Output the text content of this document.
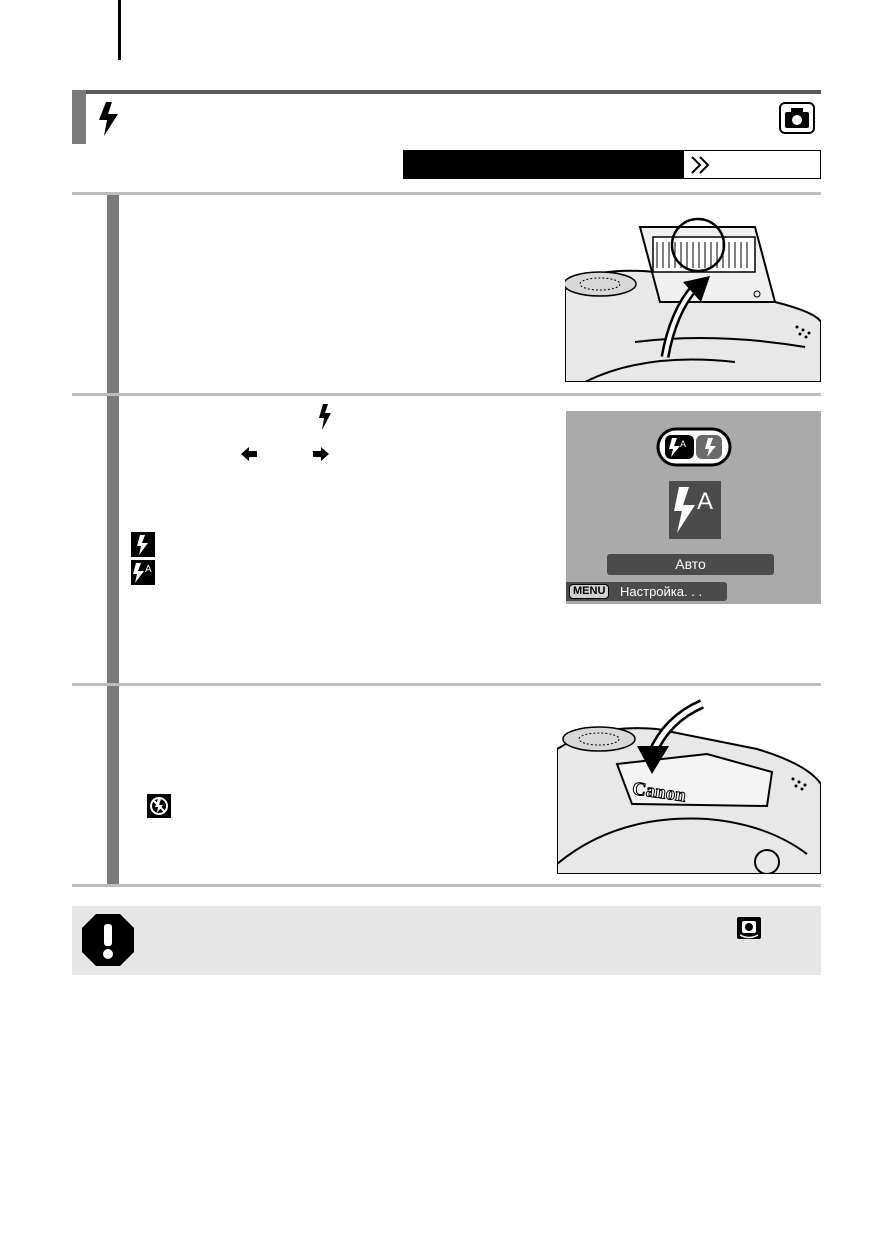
A
A
A
Авто
MENU	Настройка. . .
Canon
